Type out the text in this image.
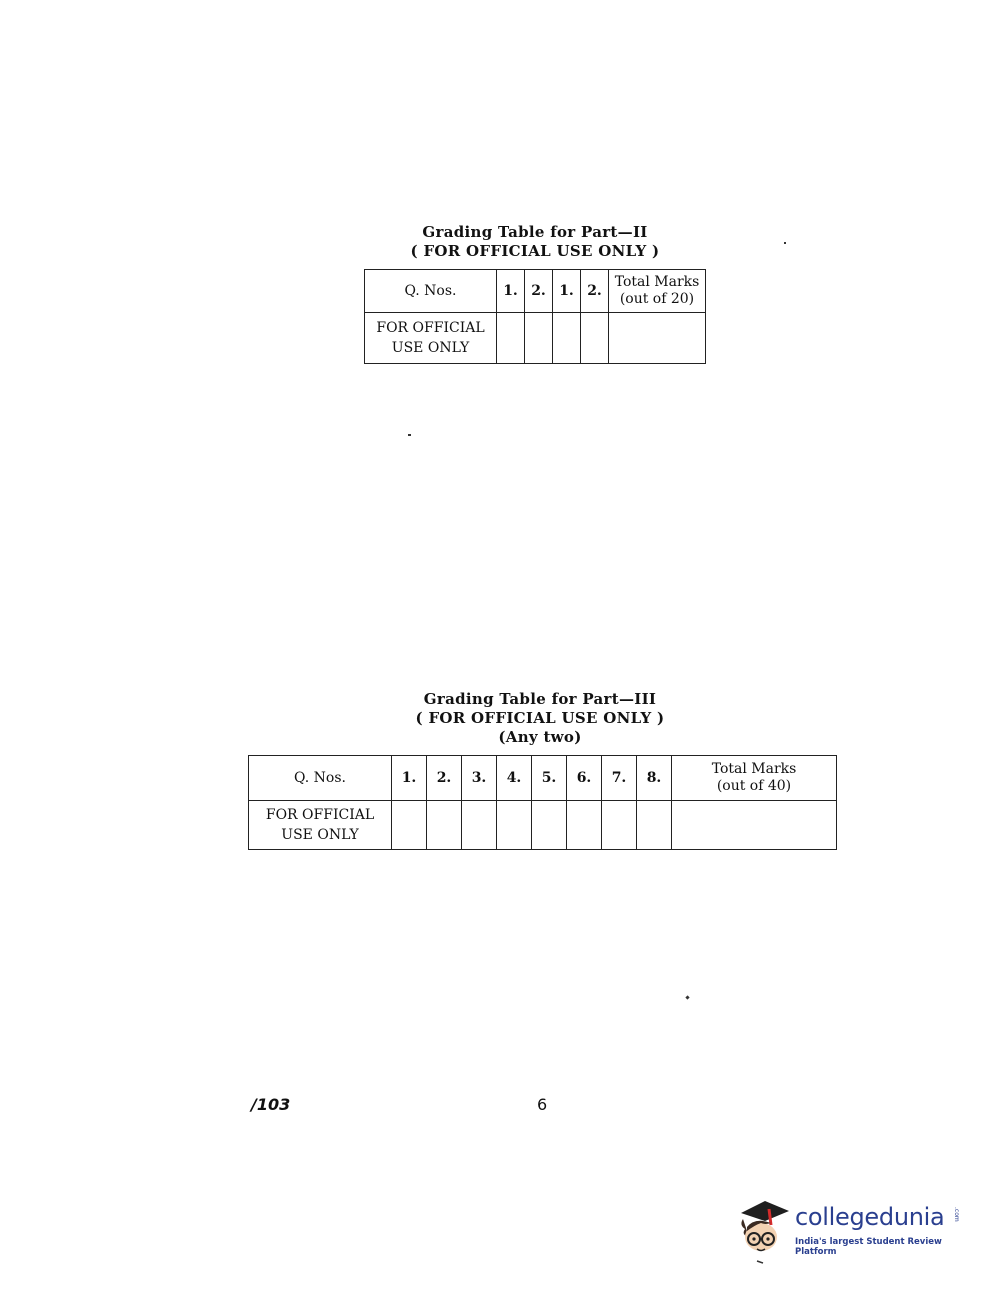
Grading Table for Part—II
( FOR OFFICIAL USE ONLY )
Q. Nos.	1.	2.	1.	2.	Total Marks
(out of 20)

FOR OFFICIAL
USE ONLY					

Grading Table for Part—III
( FOR OFFICIAL USE ONLY )
(Any two)
Q. Nos.	1.	2.	3.	4.	5.	6.	7.	8.	Total Marks
(out of 40)

FOR OFFICIAL
USE ONLY									

/103	6
collegedunia .com
India's largest Student Review Platform
